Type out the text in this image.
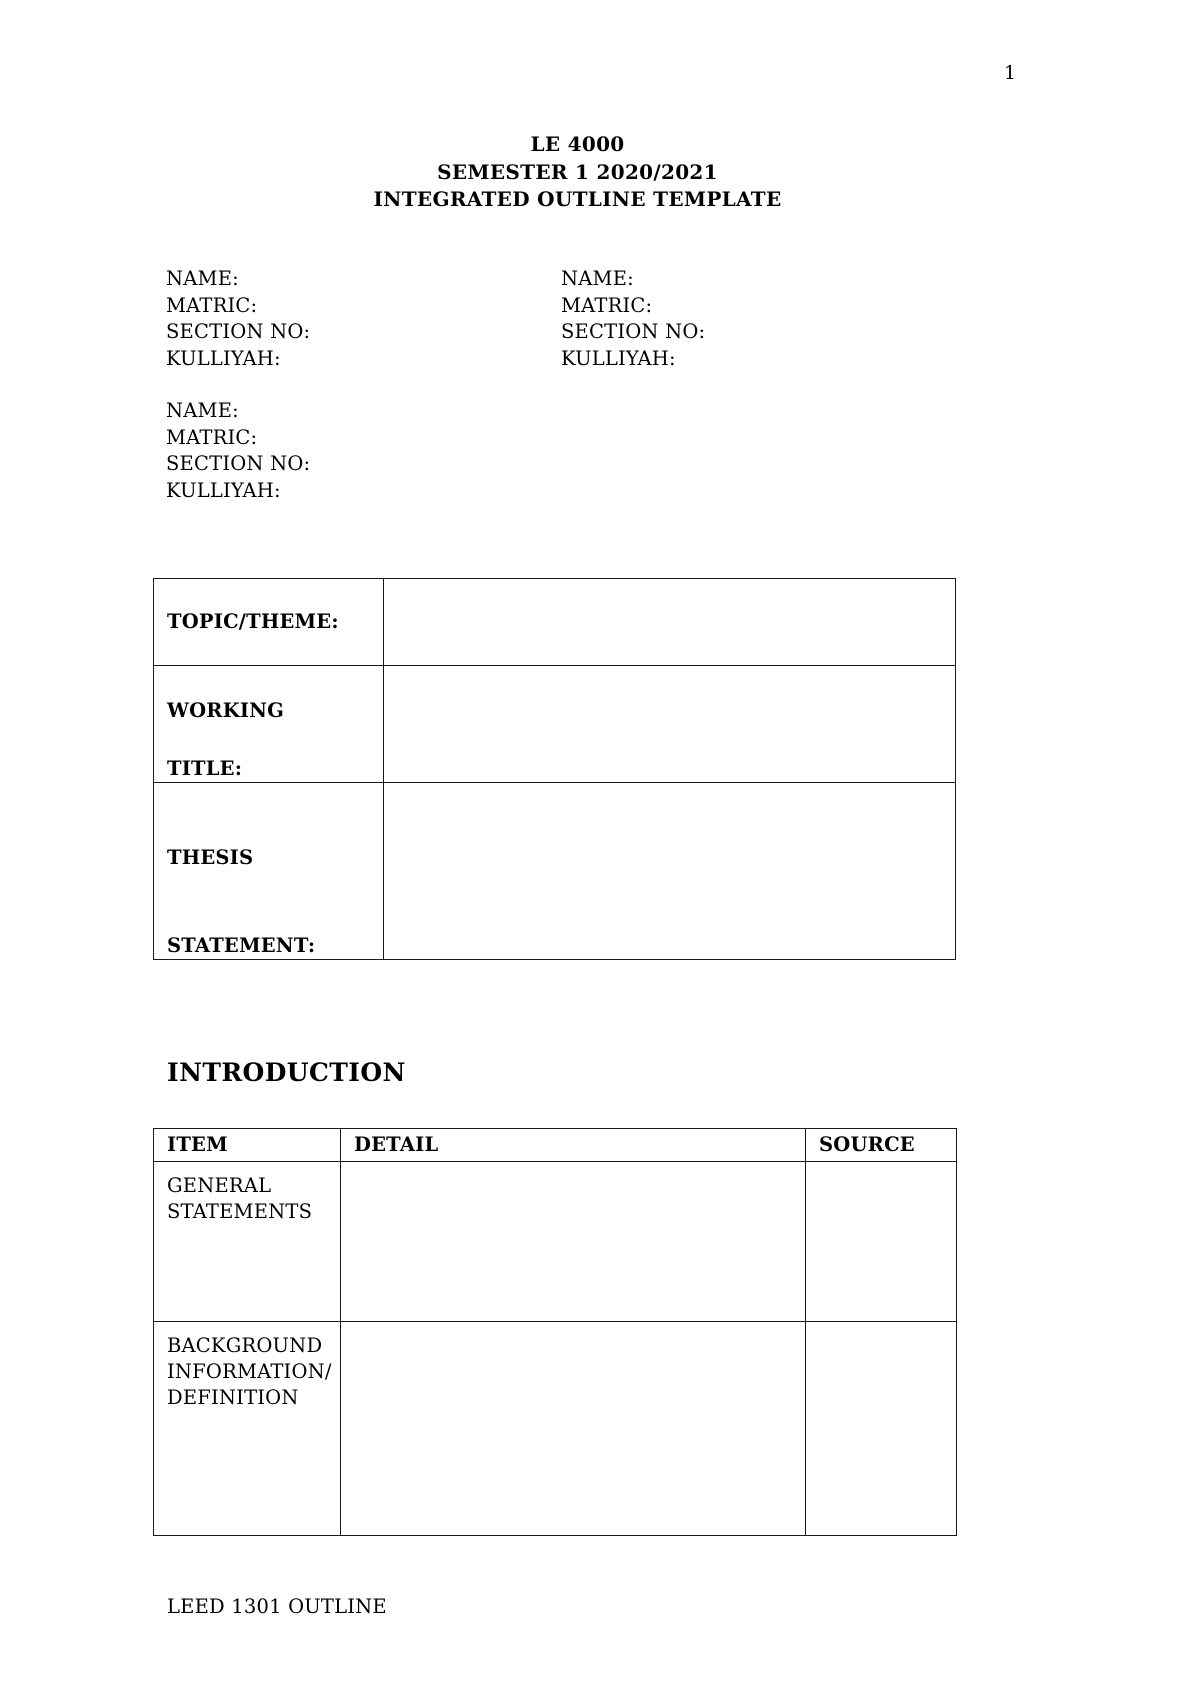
1
LE 4000
SEMESTER 1 2020/2021
INTEGRATED OUTLINE TEMPLATE
NAME:
MATRIC:
SECTION NO:
KULLIYAH:
NAME:
MATRIC:
SECTION NO:
KULLIYAH:
NAME:
MATRIC:
SECTION NO:
KULLIYAH:
TOPIC/THEME:	

WORKING
TITLE:	

THESIS
STATEMENT:	

INTRODUCTION
ITEM	DETAIL	SOURCE

GENERAL
STATEMENTS		

BACKGROUND
INFORMATION/
DEFINITION		

LEED 1301 OUTLINE
